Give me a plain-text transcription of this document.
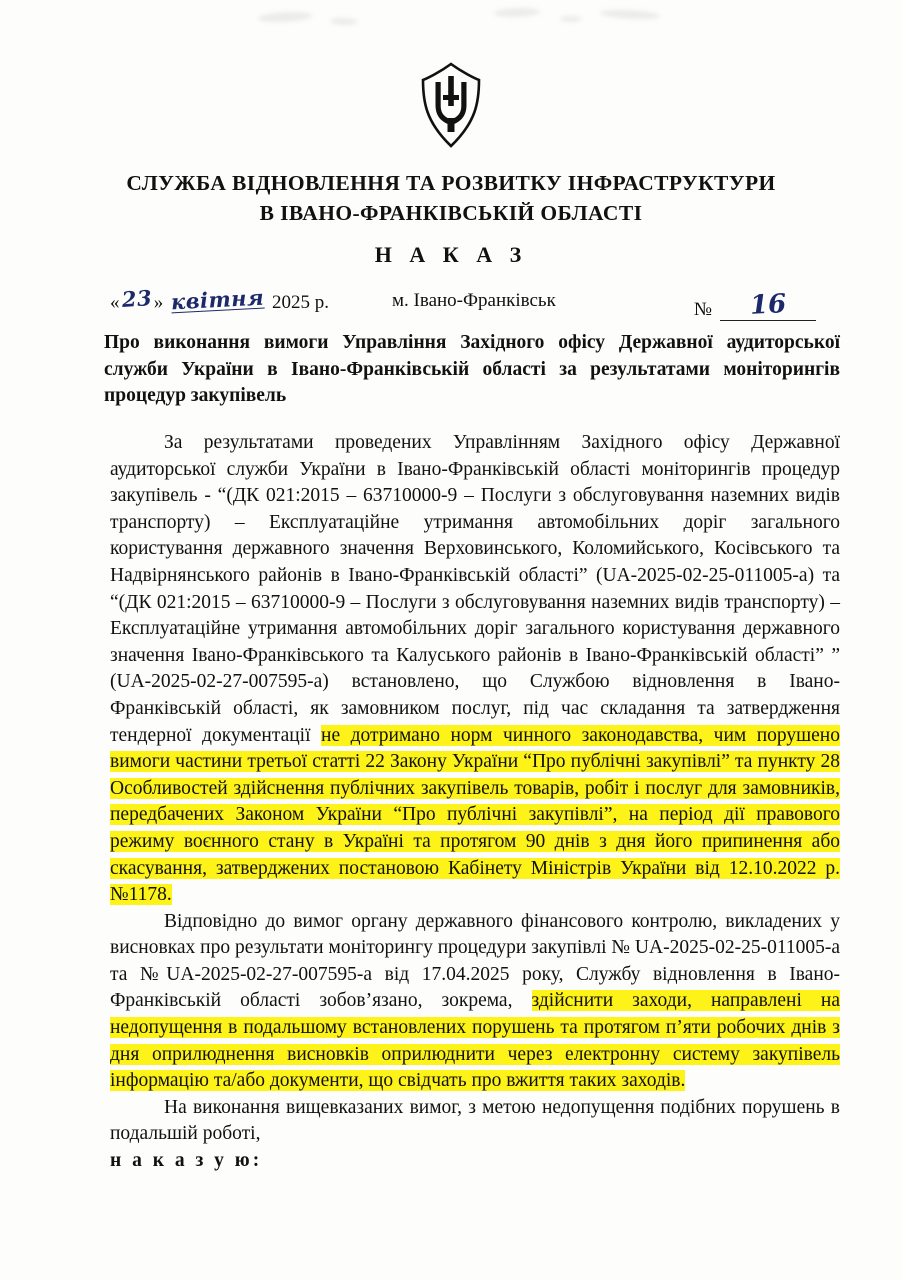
СЛУЖБА ВІДНОВЛЕННЯ ТА РОЗВИТКУ ІНФРАСТРУКТУРИ
В ІВАНО-ФРАНКІВСЬКІЙ ОБЛАСТІ
Н А К А З
«23» квітня 2025 р.	м. Івано-Франківськ	№ 16
Про виконання вимоги Управління Західного офісу Державної аудиторської служби України в Івано-Франківській області за результатами моніторингів процедур закупівель

За результатами проведених Управлінням Західного офісу Державної аудиторської служби України в Івано-Франківській області моніторингів процедур закупівель - “(ДК 021:2015 – 63710000-9 – Послуги з обслуговування наземних видів транспорту) – Експлуатаційне утримання автомобільних доріг загального користування державного значення Верховинського, Коломийського, Косівського та Надвірнянського районів в Івано-Франківській області” (UA-2025-02-25-011005-а) та “(ДК 021:2015 – 63710000-9 – Послуги з обслуговування наземних видів транспорту) – Експлуатаційне утримання автомобільних доріг загального користування державного значення Івано-Франківського та Калуського районів в Івано-Франківській області” ” (UA-2025-02-27-007595-а) встановлено, що Службою відновлення в Івано-Франківській області, як замовником послуг, під час складання та затвердження тендерної документації не дотримано норм чинного законодавства, чим порушено вимоги частини третьої статті 22 Закону України “Про публічні закупівлі” та пункту 28 Особливостей здійснення публічних закупівель товарів, робіт і послуг для замовників, передбачених Законом України “Про публічні закупівлі”, на період дії правового режиму воєнного стану в Україні та протягом 90 днів з дня його припинення або скасування, затверджених постановою Кабінету Міністрів України від 12.10.2022 р. №1178.

Відповідно до вимог органу державного фінансового контролю, викладених у висновках про результати моніторингу процедури закупівлі № UA-2025-02-25-011005-а та №UA-2025-02-27-007595-а від 17.04.2025 року, Службу відновлення в Івано-Франківській області зобов’язано, зокрема, здійснити заходи, направлені на недопущення в подальшому встановлених порушень та протягом п’яти робочих днів з дня оприлюднення висновків оприлюднити через електронну систему закупівель інформацію та/або документи, що свідчать про вжиття таких заходів.

На виконання вищевказаних вимог, з метою недопущення подібних порушень в подальшій роботі,

н а к а з у ю:
